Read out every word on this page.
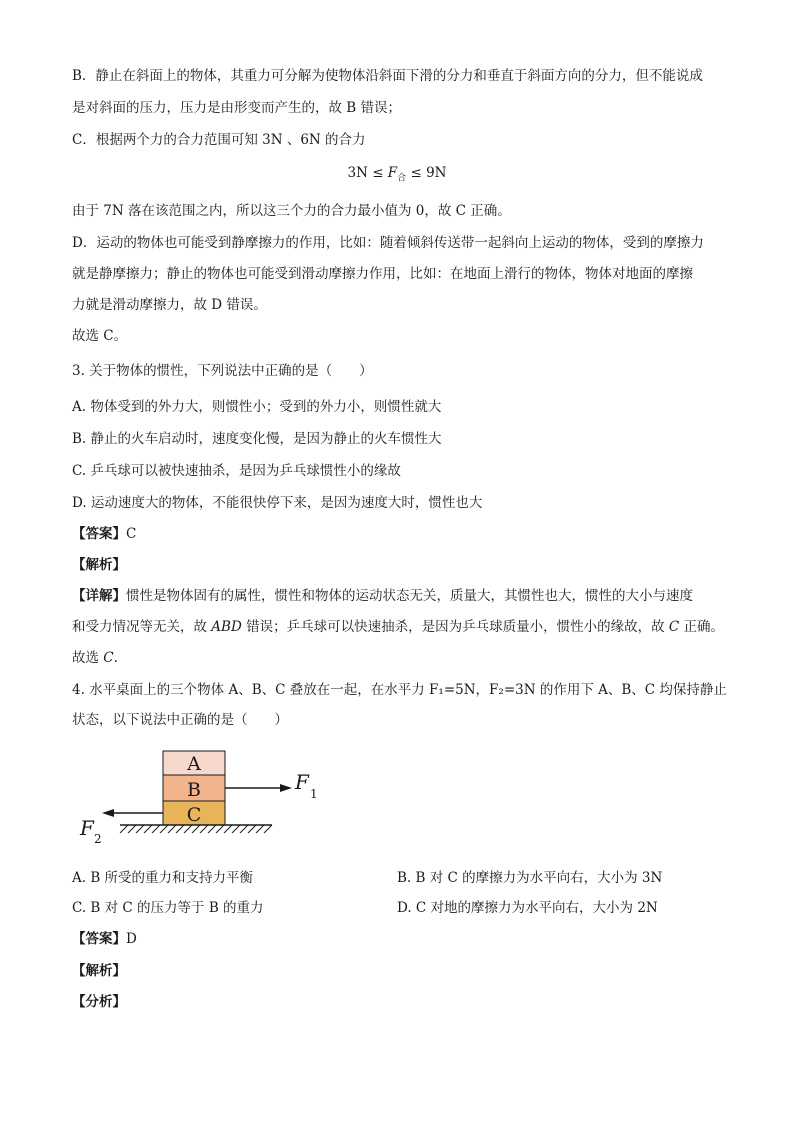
B．静止在斜面上的物体，其重力可分解为使物体沿斜面下滑的分力和垂直于斜面方向的分力，但不能说成
是对斜面的压力，压力是由形变而产生的，故 B 错误；
C．根据两个力的合力范围可知 3N 、6N 的合力
$3N \le F_合 \le 9N$
由于 7N 落在该范围之内，所以这三个力的合力最小值为 0，故 C 正确。
D．运动的物体也可能受到静摩擦力的作用，比如：随着倾斜传送带一起斜向上运动的物体，受到的摩擦力
就是静摩擦力；静止的物体也可能受到滑动摩擦力作用，比如：在地面上滑行的物体，物体对地面的摩擦
力就是滑动摩擦力，故 D 错误。
故选 C。
3. 关于物体的惯性，下列说法中正确的是（　　）
A. 物体受到的外力大，则惯性小；受到的外力小，则惯性就大
B. 静止的火车启动时，速度变化慢，是因为静止的火车惯性大
C. 乒乓球可以被快速抽杀，是因为乒乓球惯性小的缘故
D. 运动速度大的物体，不能很快停下来，是因为速度大时，惯性也大
【答案】C
【解析】
【详解】惯性是物体固有的属性，惯性和物体的运动状态无关，质量大，其惯性也大，惯性的大小与速度
和受力情况等无关，故 ABD 错误；乒乓球可以快速抽杀，是因为乒乓球质量小，惯性小的缘故，故 C 正确。
故选 C.
4. 水平桌面上的三个物体 A、B、C 叠放在一起，在水平力 F₁=5N，F₂=3N 的作用下 A、B、C 均保持静止
状态，以下说法中正确的是（　　）
A
B
C
F 1
F 2
A. B 所受的重力和支持力平衡	B. B 对 C 的摩擦力为水平向右，大小为 3N
C. B 对 C 的压力等于 B 的重力	D. C 对地的摩擦力为水平向右，大小为 2N
【答案】D
【解析】
【分析】
